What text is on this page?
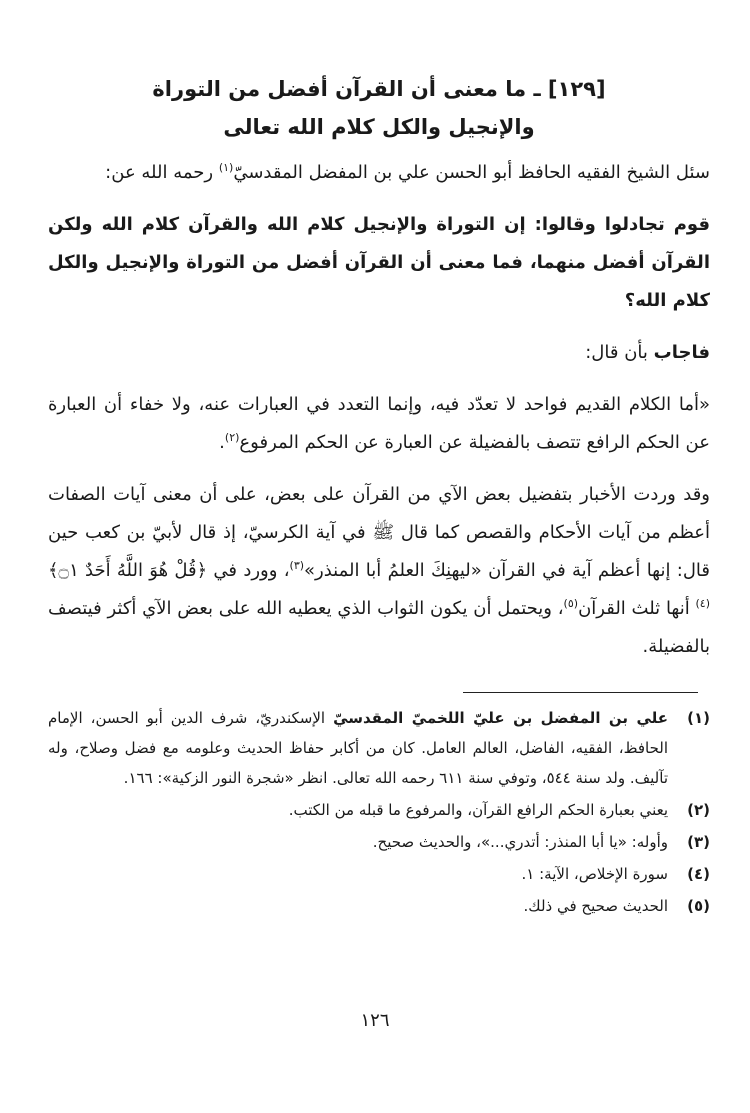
[١٢٩] ـ ما معنى أن القرآن أفضل من التوراة
والإنجيل والكل كلام الله تعالى

سئل الشيخ الفقيه الحافظ أبو الحسن علي بن المفضل المقدسيّ$^{(١)}$ رحمه الله عن:

قوم تجادلوا وقالوا: إن التوراة والإنجيل كلام الله والقرآن كلام الله ولكن القرآن أفضل منهما، فما معنى أن القرآن أفضل من التوراة والإنجيل والكل كلام الله؟

فاجاب بأن قال:

«أما الكلام القديم فواحد لا تعدّد فيه، وإنما التعدد في العبارات عنه، ولا خفاء أن العبارة عن الحكم الرافع تتصف بالفضيلة عن العبارة عن الحكم المرفوع$^{(٢)}$.

وقد وردت الأخبار بتفضيل بعض الآي من القرآن على بعض، على أن معنى آيات الصفات أعظم من آيات الأحكام والقصص كما قال ﷺ في آية الكرسيّ، إذ قال لأبيّ بن كعب حين قال: إنها أعظم آية في القرآن «ليهنِكَ العلمُ أبا المنذر»$^{(٣)}$، وورد في ﴿قُلْ هُوَ اللَّهُ أَحَدٌ ۝١﴾$^{(٤)}$ أنها ثلث القرآن$^{(٥)}$، ويحتمل أن يكون الثواب الذي يعطيه الله على بعض الآي أكثر فيتصف بالفضيلة.

(١)
علي بن المفضل بن عليّ اللخميّ المقدسيّ الإسكندريّ، شرف الدين أبو الحسن، الإمام الحافظ، الفقيه، الفاضل، العالم العامل. كان من أكابر حفاظ الحديث وعلومه مع فضل وصلاح، وله تآليف. ولد سنة ٥٤٤، وتوفي سنة ٦١١ رحمه الله تعالى. انظر «شجرة النور الزكية»: ١٦٦.
(٢)
يعني بعبارة الحكم الرافع القرآن، والمرفوع ما قبله من الكتب.
(٣)
وأوله: «يا أبا المنذر: أتدري...»، والحديث صحيح.
(٤)
سورة الإخلاص، الآية: ١.
(٥)
الحديث صحيح في ذلك.
١٢٦
